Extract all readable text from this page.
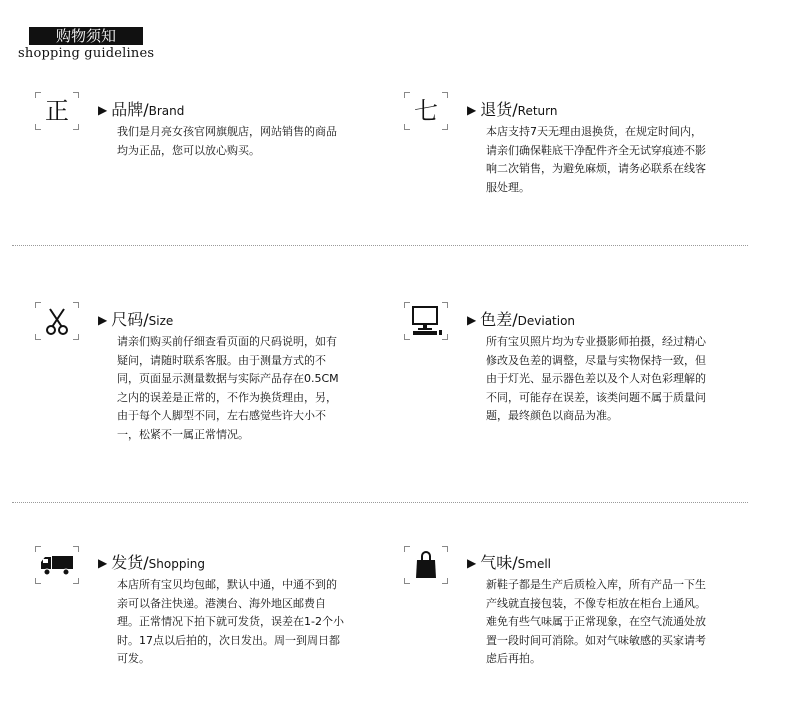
购物须知
shopping guidelines
正	▶ 品牌/Brand
我们是月亮女孩官网旗舰店，网站销售的商品均为正品，您可以放心购买。
七	▶ 退货/Return
本店支持7天无理由退换货，在规定时间内，请亲们确保鞋底干净配件齐全无试穿痕迹不影响二次销售，为避免麻烦，请务必联系在线客服处理。
▶ 尺码/Size
请亲们购买前仔细查看页面的尺码说明，如有疑问，请随时联系客服。由于测量方式的不同，页面显示测量数据与实际产品存在0.5CM之内的误差是正常的，不作为换货理由，另，由于每个人脚型不同，左右感觉些许大小不一，松紧不一属正常情况。
▶ 色差/Deviation
所有宝贝照片均为专业摄影师拍摄，经过精心修改及色差的调整，尽量与实物保持一致，但由于灯光、显示器色差以及个人对色彩理解的不同，可能存在误差，该类问题不属于质量问题，最终颜色以商品为准。
▶ 发货/Shopping
本店所有宝贝均包邮，默认中通，中通不到的亲可以备注快递。港澳台、海外地区邮费自理。正常情况下拍下就可发货，误差在1-2个小时。17点以后拍的，次日发出。周一到周日都可发。
▶ 气味/Smell
新鞋子都是生产后质检入库，所有产品一下生产线就直接包装，不像专柜放在柜台上通风。难免有些气味属于正常现象，在空气流通处放置一段时间可消除。如对气味敏感的买家请考虑后再拍。
